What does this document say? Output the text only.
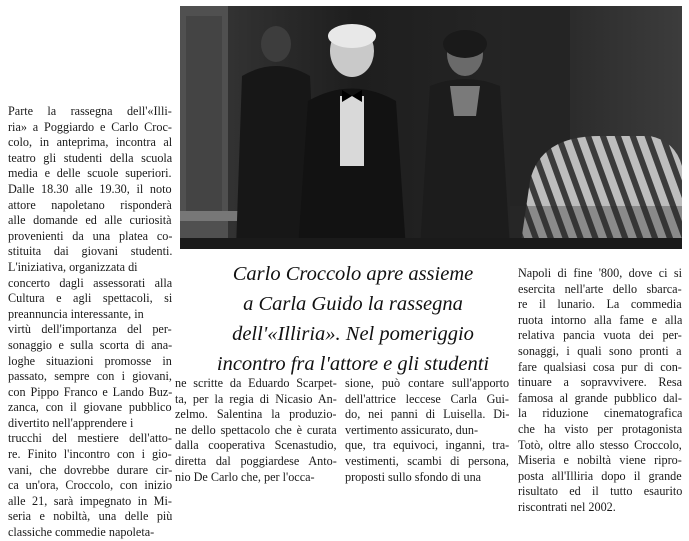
Carlo Croccolo apre assieme
a Carla Guido la rassegna
dell'«Illiria». Nel pomeriggio
incontro fra l'attore e gli studenti
Parte la rassegna dell'«Illi-
ria» a Poggiardo e Carlo Croc-
colo, in anteprima, incontra al
teatro gli studenti della scuola
media e delle scuole superiori.
Dalle 18.30 alle 19.30, il noto
attore napoletano risponderà
alle domande ed alle curiosità
provenienti da una platea co-
stituita dai giovani studenti.
L'iniziativa, organizzata di
concerto dagli assessorati alla
Cultura e agli spettacoli, si
preannuncia interessante, in
virtù dell'importanza del per-
sonaggio e sulla scorta di ana-
loghe situazioni promosse in
passato, sempre con i giovani,
con Pippo Franco e Lando Buz-
zanca, con il giovane pubblico
divertito nell'apprendere i
trucchi del mestiere dell'atto-
re. Finito l'incontro con i gio-
vani, che dovrebbe durare cir-
ca un'ora, Croccolo, con inizio
alle 21, sarà impegnato in Mi-
seria e nobiltà, una delle più
classiche commedie napoleta-
ne scritte da Eduardo Scarpet-
ta, per la regia di Nicasio An-
zelmo. Salentina la produzio-
ne dello spettacolo che è curata
dalla cooperativa Scenastudio,
diretta dal poggiardese Anto-
nio De Carlo che, per l'occa-
sione, può contare sull'apporto
dell'attrice leccese Carla Gui-
do, nei panni di Luisella. Di-
vertimento assicurato, dun-
que, tra equivoci, inganni, tra-
vestimenti, scambi di persona,
proposti sullo sfondo di una
Napoli di fine '800, dove ci si
esercita nell'arte dello sbarca-
re il lunario. La commedia
ruota intorno alla fame e alla
relativa pancia vuota dei per-
sonaggi, i quali sono pronti a
fare qualsiasi cosa pur di con-
tinuare a sopravvivere. Resa
famosa al grande pubblico dal-
la riduzione cinematografica
che ha visto per protagonista
Totò, oltre allo stesso Croccolo,
Miseria e nobiltà viene ripro-
posta all'Illiria dopo il grande
risultato ed il tutto esaurito
riscontrati nel 2002.
